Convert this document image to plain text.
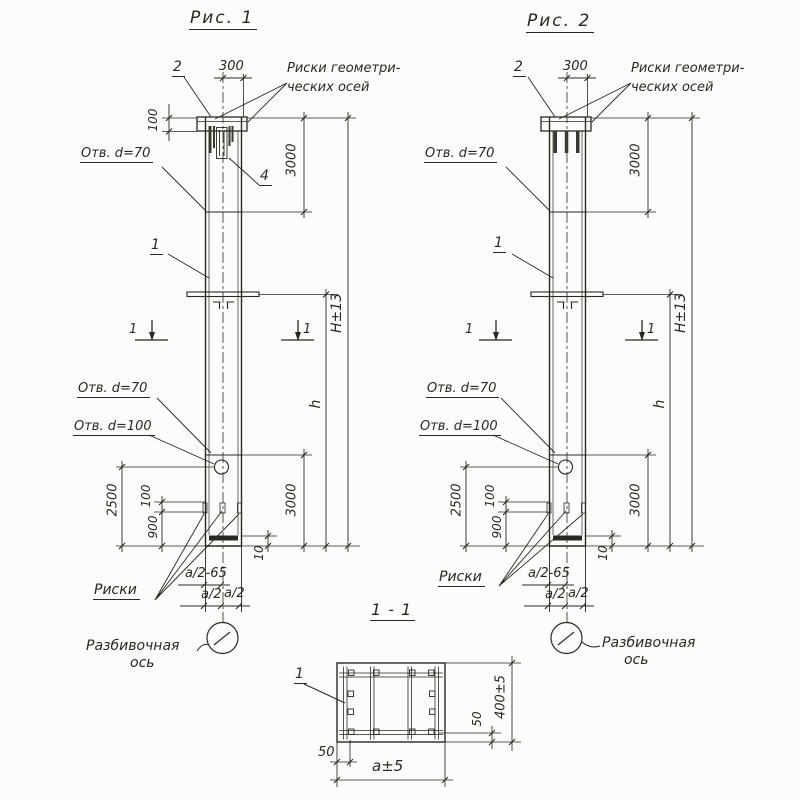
Рис. 1
2	300	Риски геометри-
ческих осей
100
Отв. d=70	3000
4
1
1	1 H±13
h
Отв. d=70
Отв. d=100
2500 100
900
3000
10
Риски
a/2-65
a/2 a/2
Разбивочная
ось
Рис. 2
2	300	Риски геометри-
ческих осей
Отв. d=70	3000
1
1	1 H±13
h
Отв. d=70
Отв. d=100
2500 100
900
3000
10
Риски	a/2-65
a/2 a/2
Разбивочная
ось
1 - 1
1
400±5
50
50
a±5
